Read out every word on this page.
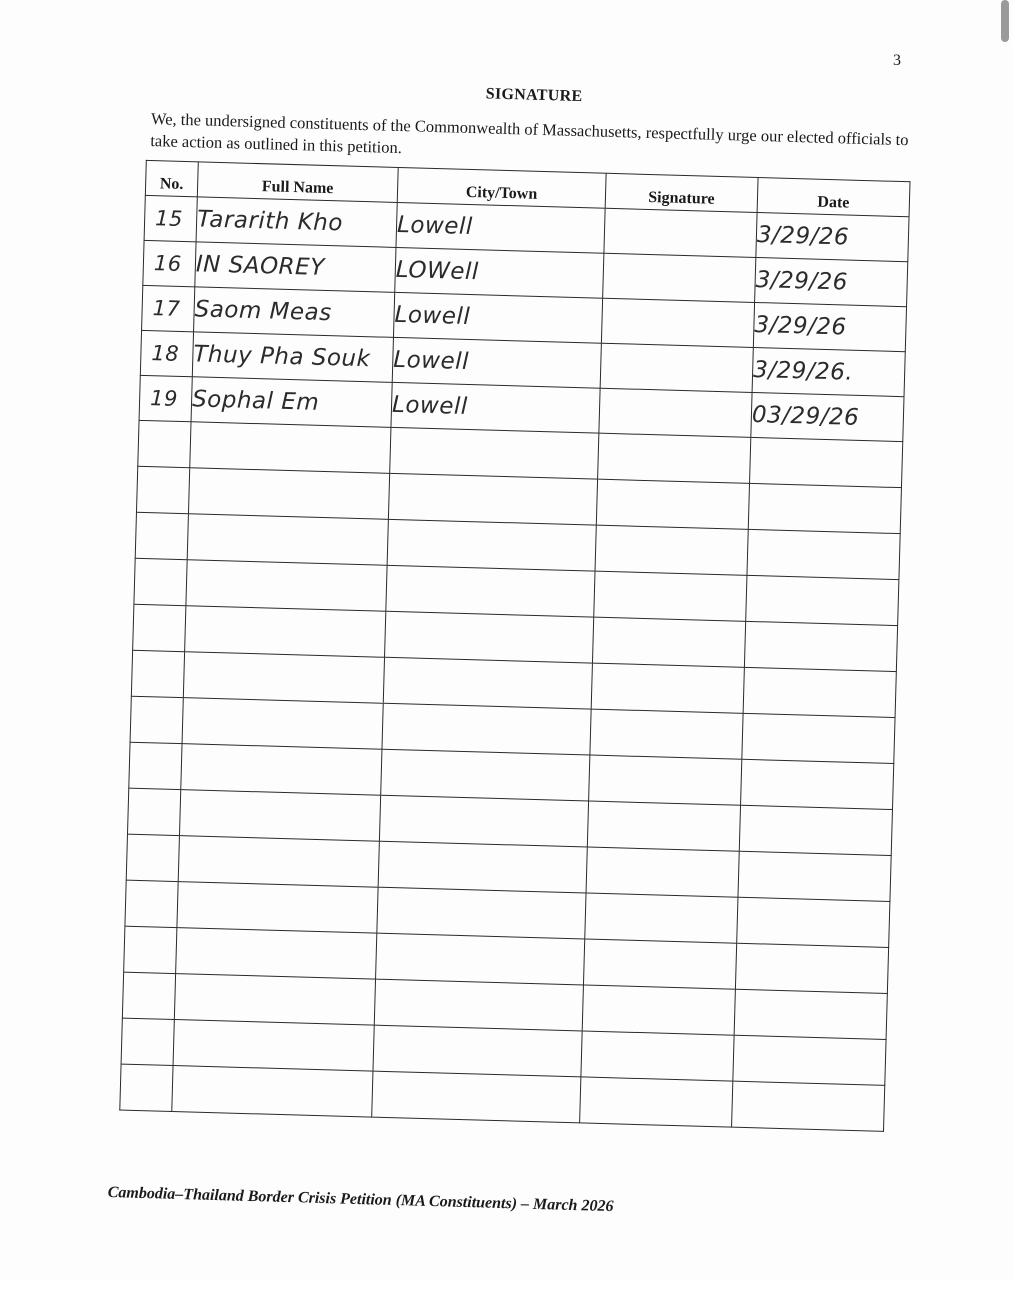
3
SIGNATURE
We, the undersigned constituents of the Commonwealth of Massachusetts, respectfully urge our elected officials to take action as outlined in this petition.
No.	Full Name	City/Town	Signature	Date
15	Tararith Kho	Lowell		3/29/26
16	IN SAOREY	LOWell		3/29/26
17	Saom Meas	Lowell		3/29/26
18	Thuy Pha Souk	Lowell		3/29/26.
19	Sophal Em	Lowell		03/29/26

Cambodia–Thailand Border Crisis Petition (MA Constituents) – March 2026
